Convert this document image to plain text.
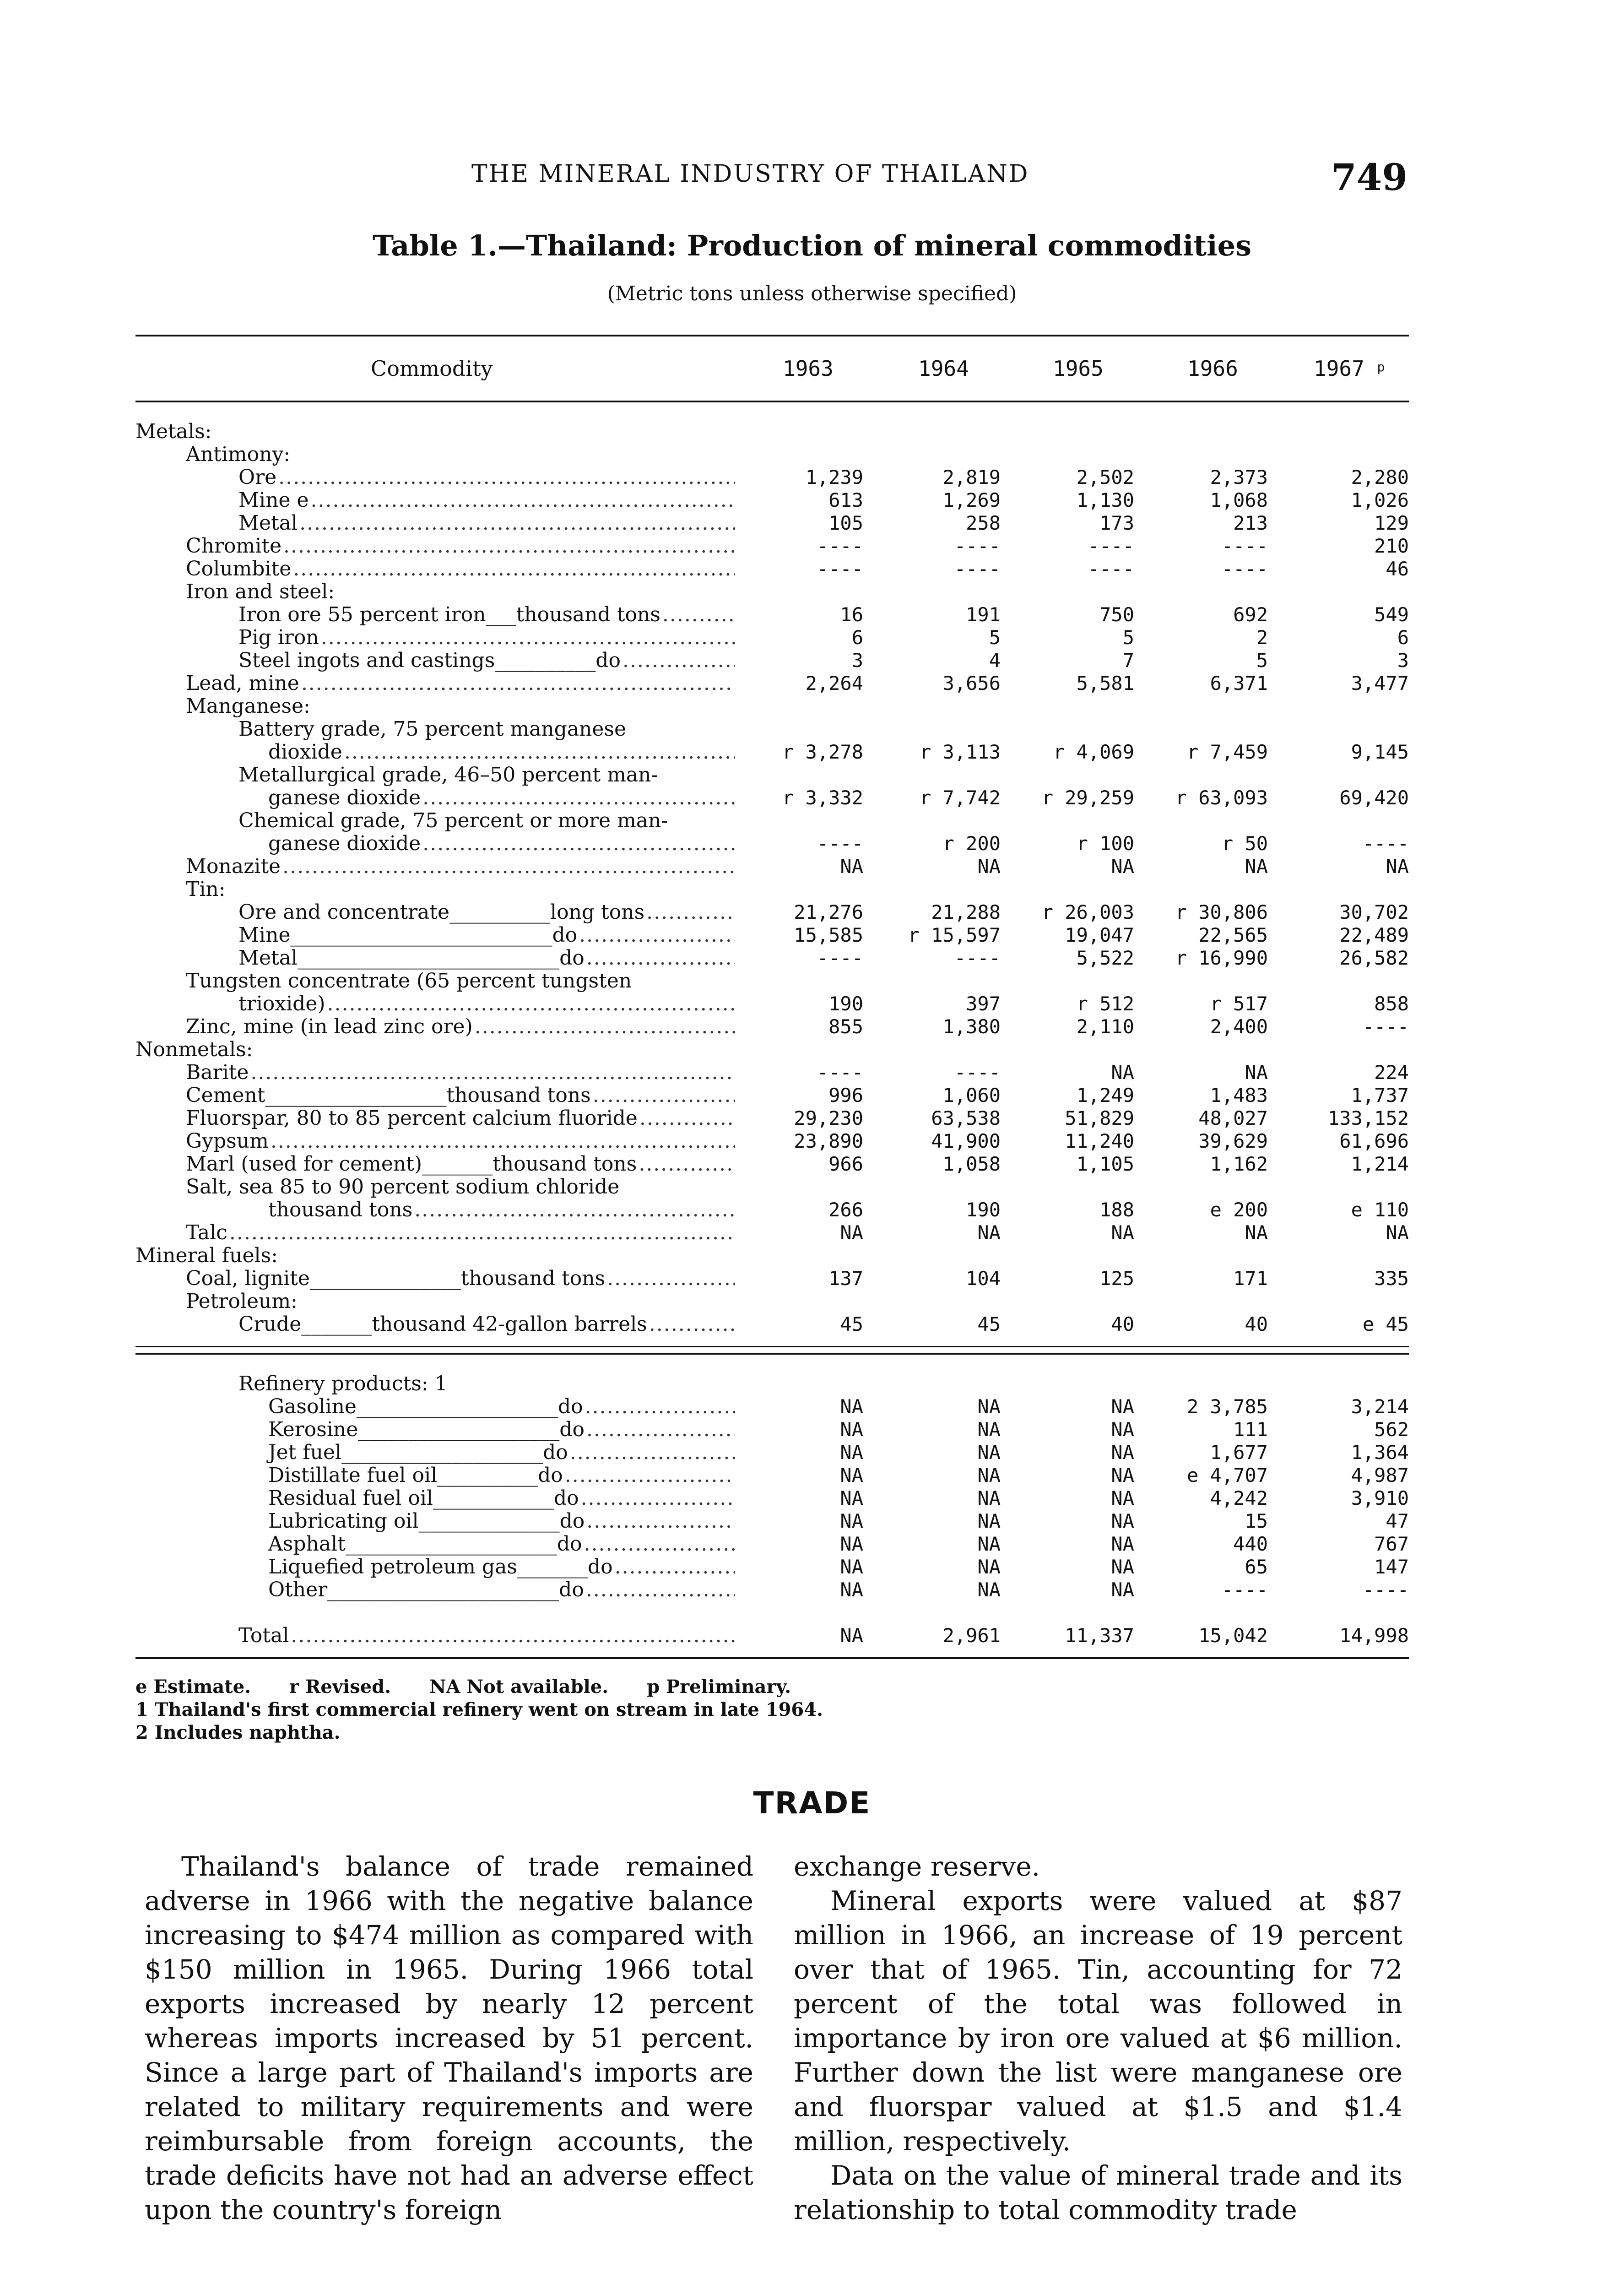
THE MINERAL INDUSTRY OF THAILAND	749
Table 1.—Thailand: Production of mineral commodities
(Metric tons unless otherwise specified)
Commodity	1963	1964	1965	1966	1967 $^p$
Metals:
Antimony:
Ore .....	1,239	2,819	2,502	2,373	2,280
Mine e .....	613	1,269	1,130	1,068	1,026
Metal .....	105	258	173	213	129
Chromite .....	----	----	----	----	210
Columbite .....	----	----	----	----	46
Iron and steel:
Iron ore 55 percent iron___thousand tons .....	16	191	750	692	549
Pig iron .....	6	5	5	2	6
Steel ingots and castings__________do .....	3	4	7	5	3
Lead, mine .....	2,264	3,656	5,581	6,371	3,477
Manganese:
Battery grade, 75 percent manganese
dioxide .....	r 3,278	r 3,113	r 4,069	r 7,459	9,145
Metallurgical grade, 46–50 percent man-
ganese dioxide .....	r 3,332	r 7,742	r 29,259	r 63,093	69,420
Chemical grade, 75 percent or more man-
ganese dioxide .....	----	r 200	r 100	r 50	----
Monazite .....	NA	NA	NA	NA	NA
Tin:
Ore and concentrate__________long tons .....	21,276	21,288	r 26,003	r 30,806	30,702
Mine__________________________do .....	15,585	r 15,597	19,047	22,565	22,489
Metal__________________________do .....	----	----	5,522	r 16,990	26,582
Tungsten concentrate (65 percent tungsten
trioxide) .....	190	397	r 512	r 517	858
Zinc, mine (in lead zinc ore) .....	855	1,380	2,110	2,400	----
Nonmetals:
Barite .....	----	----	NA	NA	224
Cement__________________thousand tons .....	996	1,060	1,249	1,483	1,737
Fluorspar, 80 to 85 percent calcium fluoride .....	29,230	63,538	51,829	48,027	133,152
Gypsum .....	23,890	41,900	11,240	39,629	61,696
Marl (used for cement)_______thousand tons .....	966	1,058	1,105	1,162	1,214
Salt, sea 85 to 90 percent sodium chloride
thousand tons .....	266	190	188	e 200	e 110
Talc .....	NA	NA	NA	NA	NA
Mineral fuels:
Coal, lignite_______________thousand tons .....	137	104	125	171	335
Petroleum:
Crude_______thousand 42-gallon barrels .....	45	45	40	40	e 45
Refinery products: 1
Gasoline____________________do .....	NA	NA	NA	2 3,785	3,214
Kerosine____________________do .....	NA	NA	NA	111	562
Jet fuel____________________do .....	NA	NA	NA	1,677	1,364
Distillate fuel oil__________do .....	NA	NA	NA	e 4,707	4,987
Residual fuel oil____________do .....	NA	NA	NA	4,242	3,910
Lubricating oil______________do .....	NA	NA	NA	15	47
Asphalt_____________________do .....	NA	NA	NA	440	767
Liquefied petroleum gas_______do .....	NA	NA	NA	65	147
Other_______________________do .....	NA	NA	NA	----	----
Total .....	NA	2,961	11,337	15,042	14,998
e Estimate. r Revised. NA Not available. p Preliminary.
1 Thailand's first commercial refinery went on stream in late 1964.
2 Includes naphtha.
TRADE

Thailand's balance of trade remained adverse in 1966 with the negative balance increasing to $474 million as compared with $150 million in 1965. During 1966 total exports increased by nearly 12 percent whereas imports increased by 51 percent. Since a large part of Thailand's imports are related to military requirements and were reimbursable from foreign accounts, the trade deficits have not had an adverse effect upon the country's foreign

exchange reserve.

Mineral exports were valued at $87 million in 1966, an increase of 19 percent over that of 1965. Tin, accounting for 72 percent of the total was followed in importance by iron ore valued at $6 million. Further down the list were manganese ore and fluorspar valued at $1.5 and $1.4 million, respectively.

Data on the value of mineral trade and its relationship to total commodity trade
